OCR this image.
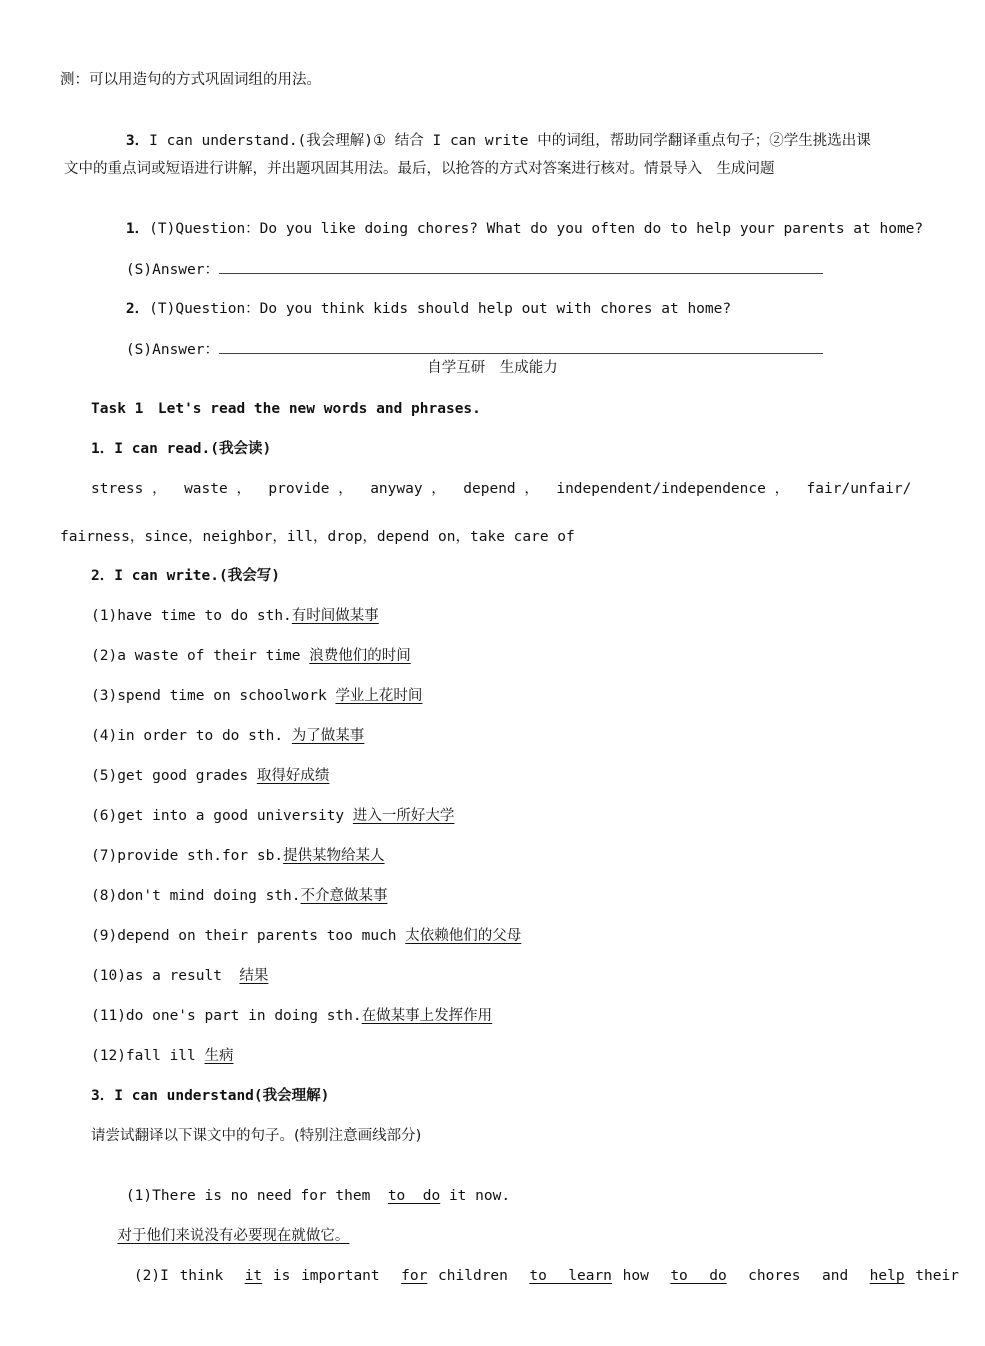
测：可以用造句的方式巩固词组的用法。

3．I can understand.(我会理解)① 结合 I can write 中的词组，帮助同学翻译重点句子；②学生挑选出课

文中的重点词或短语进行讲解，并出题巩固其用法。最后，以抢答的方式对答案进行核对。情景导入　生成问题

1．(T)Question：Do you like doing chores? What do you often do to help your parents at home?

(S)Answer：

2．(T)Question：Do you think kids should help out with chores at home?

(S)Answer：

自学互研　生成能力
Task 1　Let's read the new words and phrases.
1．I can read.(我会读)
stress ，  waste ，  provide ，  anyway ，  depend ，  independent/independence ，  fair/unfair/
fairness，since，neighbor，ill，drop，depend on，take care of
2．I can write.(我会写)
(1)have time to do sth.有时间做某事
(2)a waste of their time 浪费他们的时间
(3)spend time on schoolwork 学业上花时间
(4)in order to do sth. 为了做某事
(5)get good grades 取得好成绩
(6)get into a good university 进入一所好大学
(7)provide sth.for sb.提供某物给某人
(8)don't mind doing sth.不介意做某事
(9)depend on their parents too much 太依赖他们的父母
(10)as a result  结果
(11)do one's part in doing sth.在做某事上发挥作用
(12)fall ill 生病
3．I can understand(我会理解)
请尝试翻译以下课文中的句子。(特别注意画线部分)

(1)There is no need for them  to  do it now.

对于他们来说没有必要现在就做它。

(2)I think  it is important  for children  to  learn how  to  do  chores  and  help their
